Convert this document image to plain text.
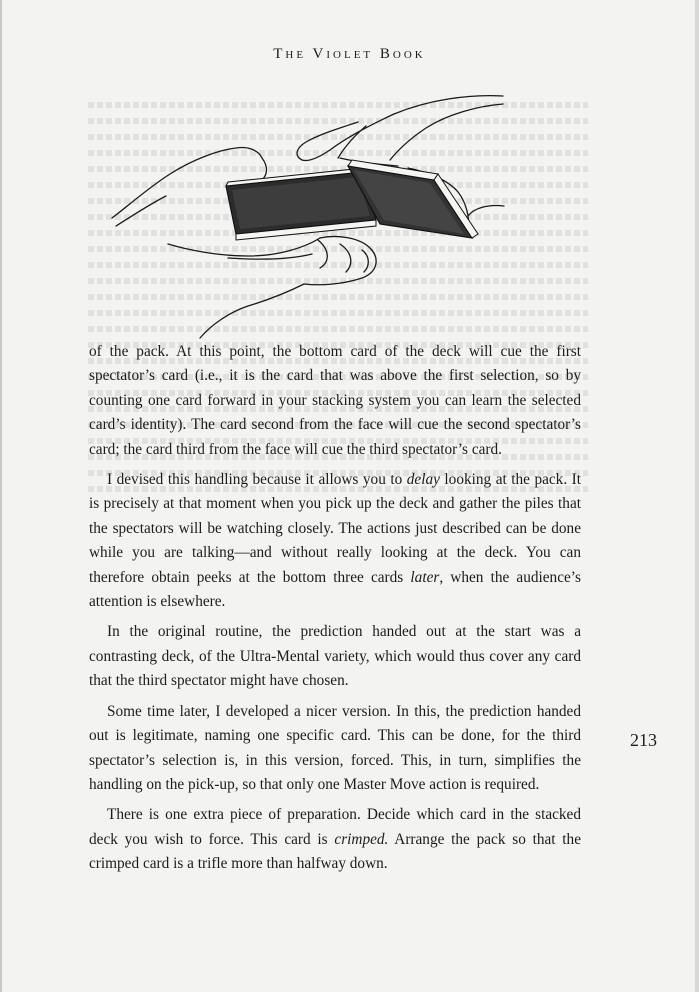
The Violet Book

of the pack. At this point, the bottom card of the deck will cue the first spectator’s card (i.e., it is the card that was above the first selection, so by counting one card forward in your stacking system you can learn the selected card’s identity). The card second from the face will cue the second spectator’s card; the card third from the face will cue the third spectator’s card.

I devised this handling because it allows you to delay looking at the pack. It is precisely at that moment when you pick up the deck and gather the piles that the spectators will be watching closely. The actions just described can be done while you are talking—and without really looking at the deck. You can therefore obtain peeks at the bottom three cards later, when the audience’s attention is elsewhere.

In the original routine, the prediction handed out at the start was a contrasting deck, of the Ultra-Mental variety, which would thus cover any card that the third spectator might have chosen.

Some time later, I developed a nicer version. In this, the prediction handed out is legitimate, naming one specific card. This can be done, for the third spectator’s selection is, in this version, forced. This, in turn, simplifies the handling on the pick-up, so that only one Master Move action is required.

There is one extra piece of preparation. Decide which card in the stacked deck you wish to force. This card is crimped. Arrange the pack so that the crimped card is a trifle more than halfway down.

213
